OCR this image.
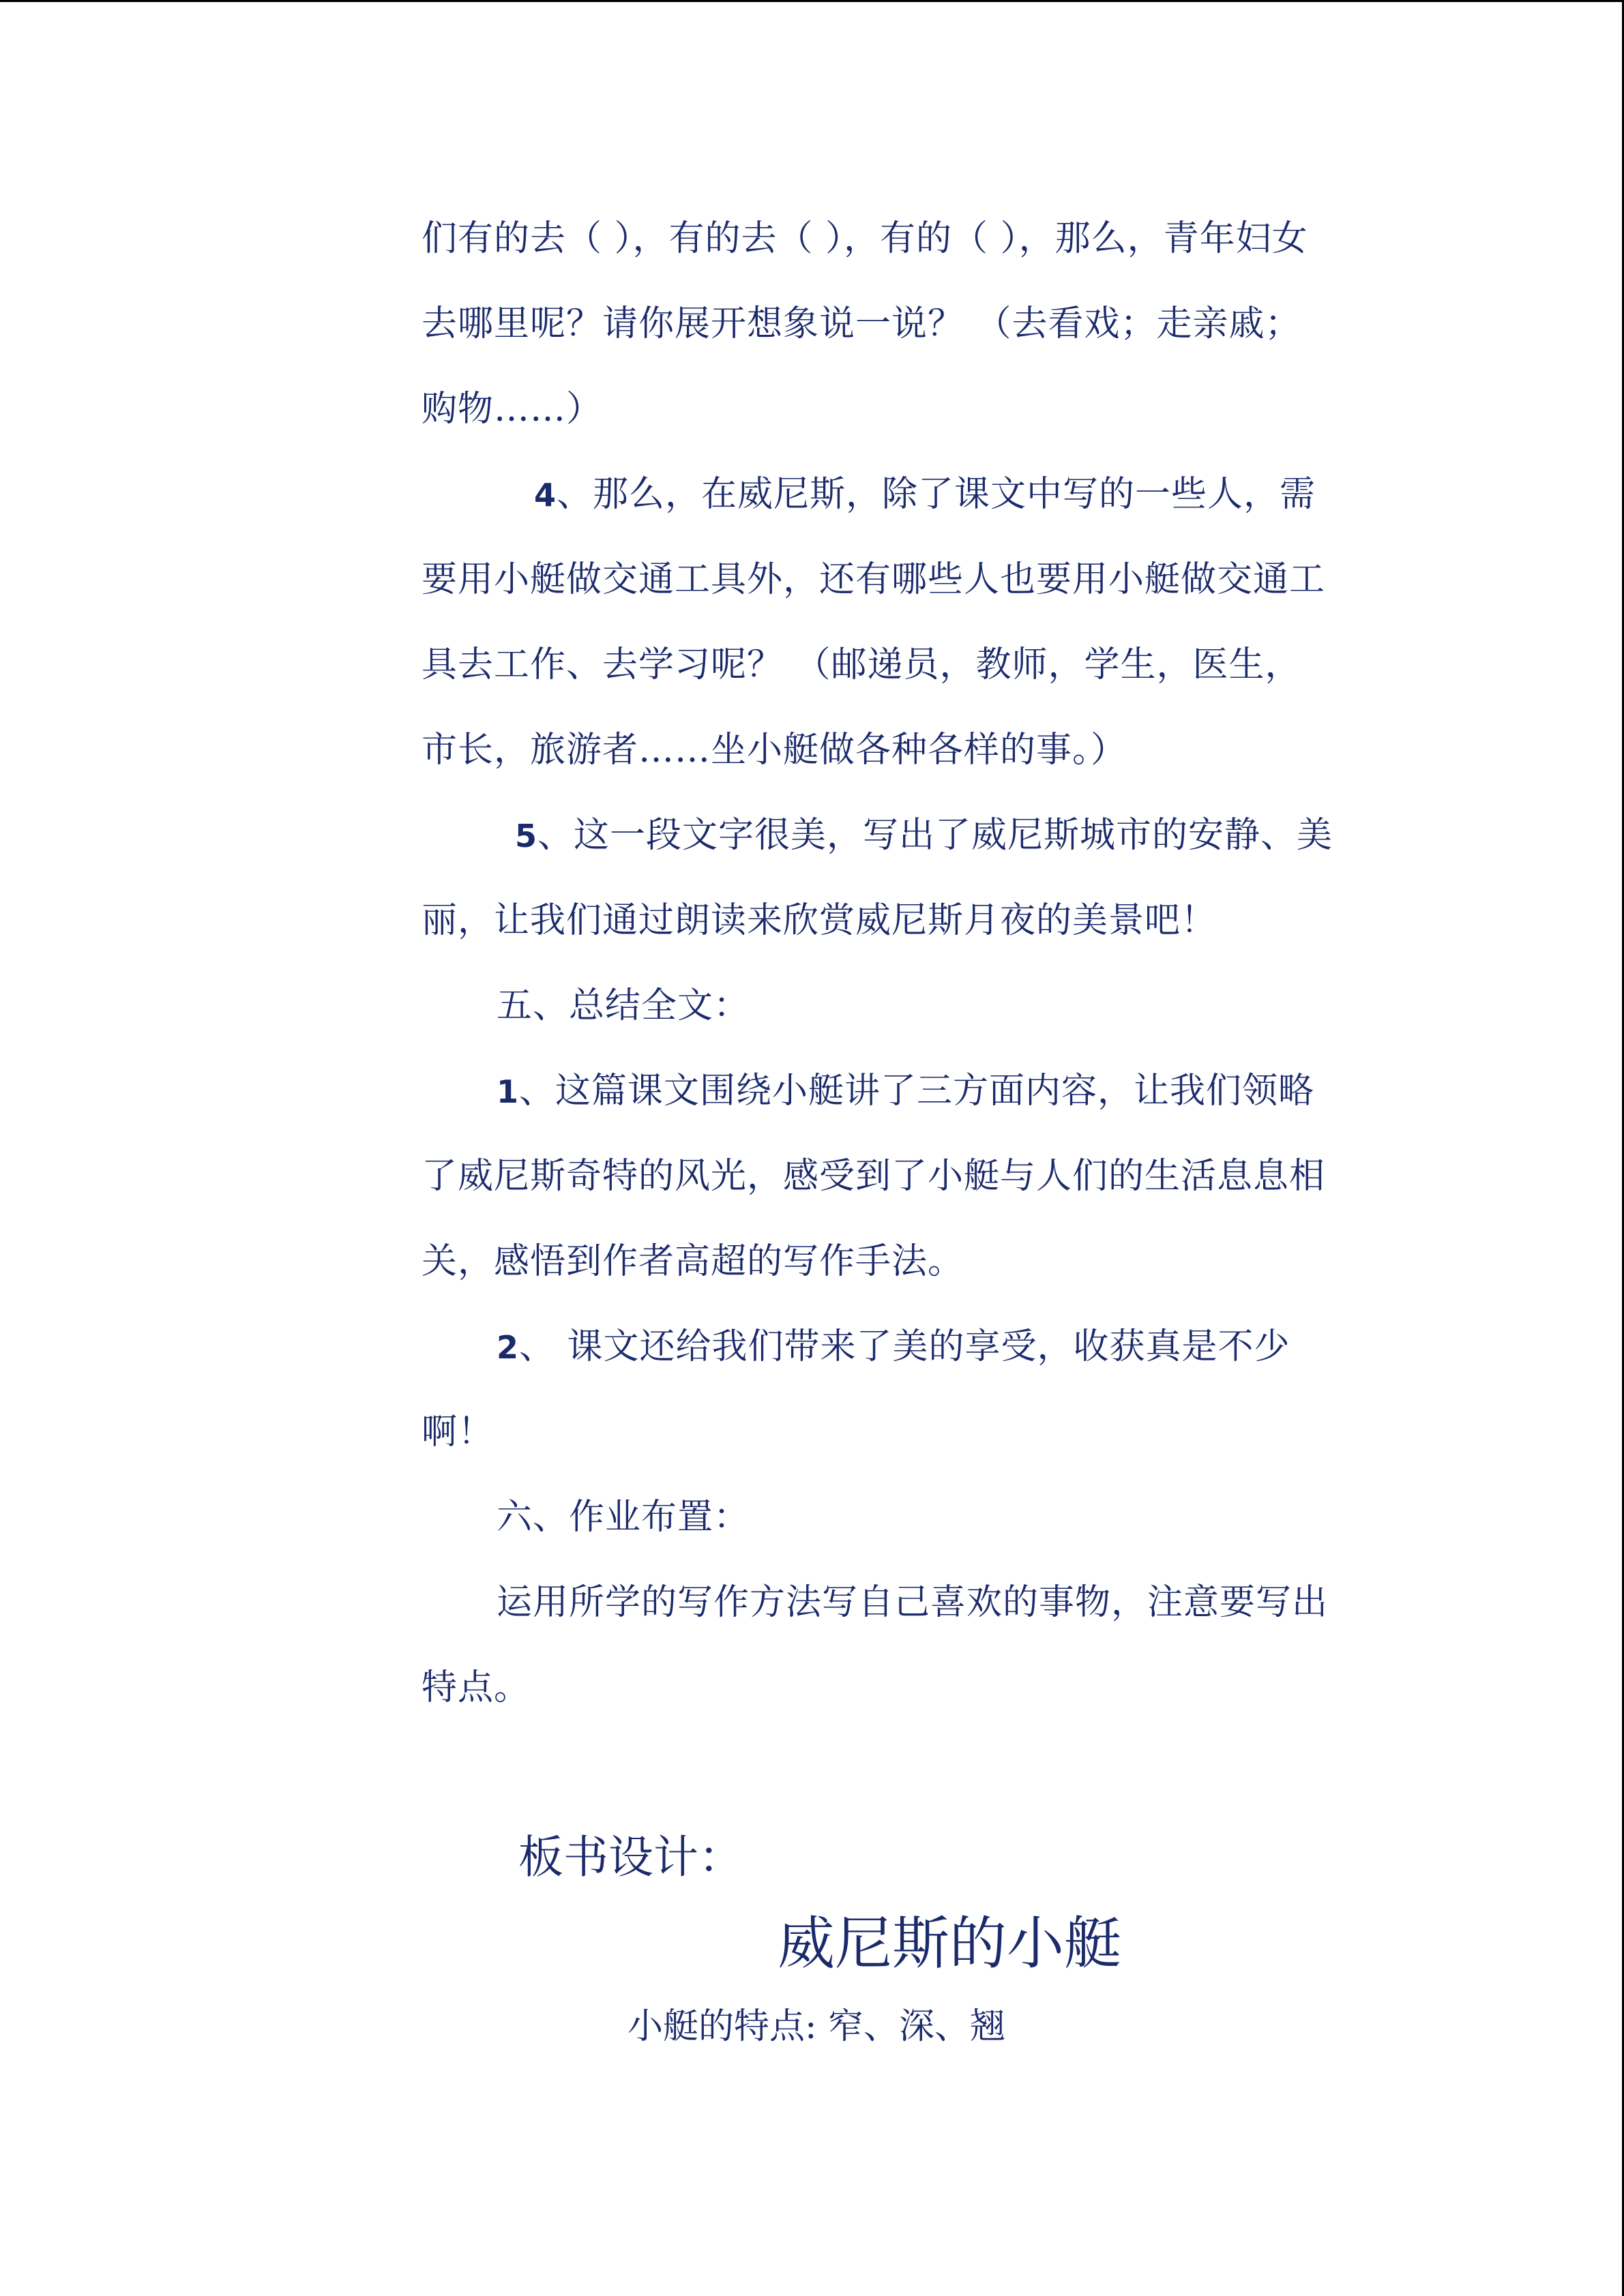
们有的去（ ），有的去（ ），有的（ ），那么，青年妇女
去哪里呢？请你展开想象说一说？ （去看戏；走亲戚；
购物……）
4、那么，在威尼斯，除了课文中写的一些人，需
要用小艇做交通工具外，还有哪些人也要用小艇做交通工
具去工作、去学习呢？ （邮递员，教师，学生，医生，
市长，旅游者……坐小艇做各种各样的事。）
5、这一段文字很美，写出了威尼斯城市的安静、美
丽，让我们通过朗读来欣赏威尼斯月夜的美景吧！
五、总结全文：
1、这篇课文围绕小艇讲了三方面内容，让我们领略
了威尼斯奇特的风光，感受到了小艇与人们的生活息息相
关，感悟到作者高超的写作手法。
2、 课文还给我们带来了美的享受，收获真是不少
啊！
六、作业布置：
运用所学的写作方法写自己喜欢的事物，注意要写出
特点。
板书设计：
威尼斯的小艇
小艇的特点: 窄、深、翘
